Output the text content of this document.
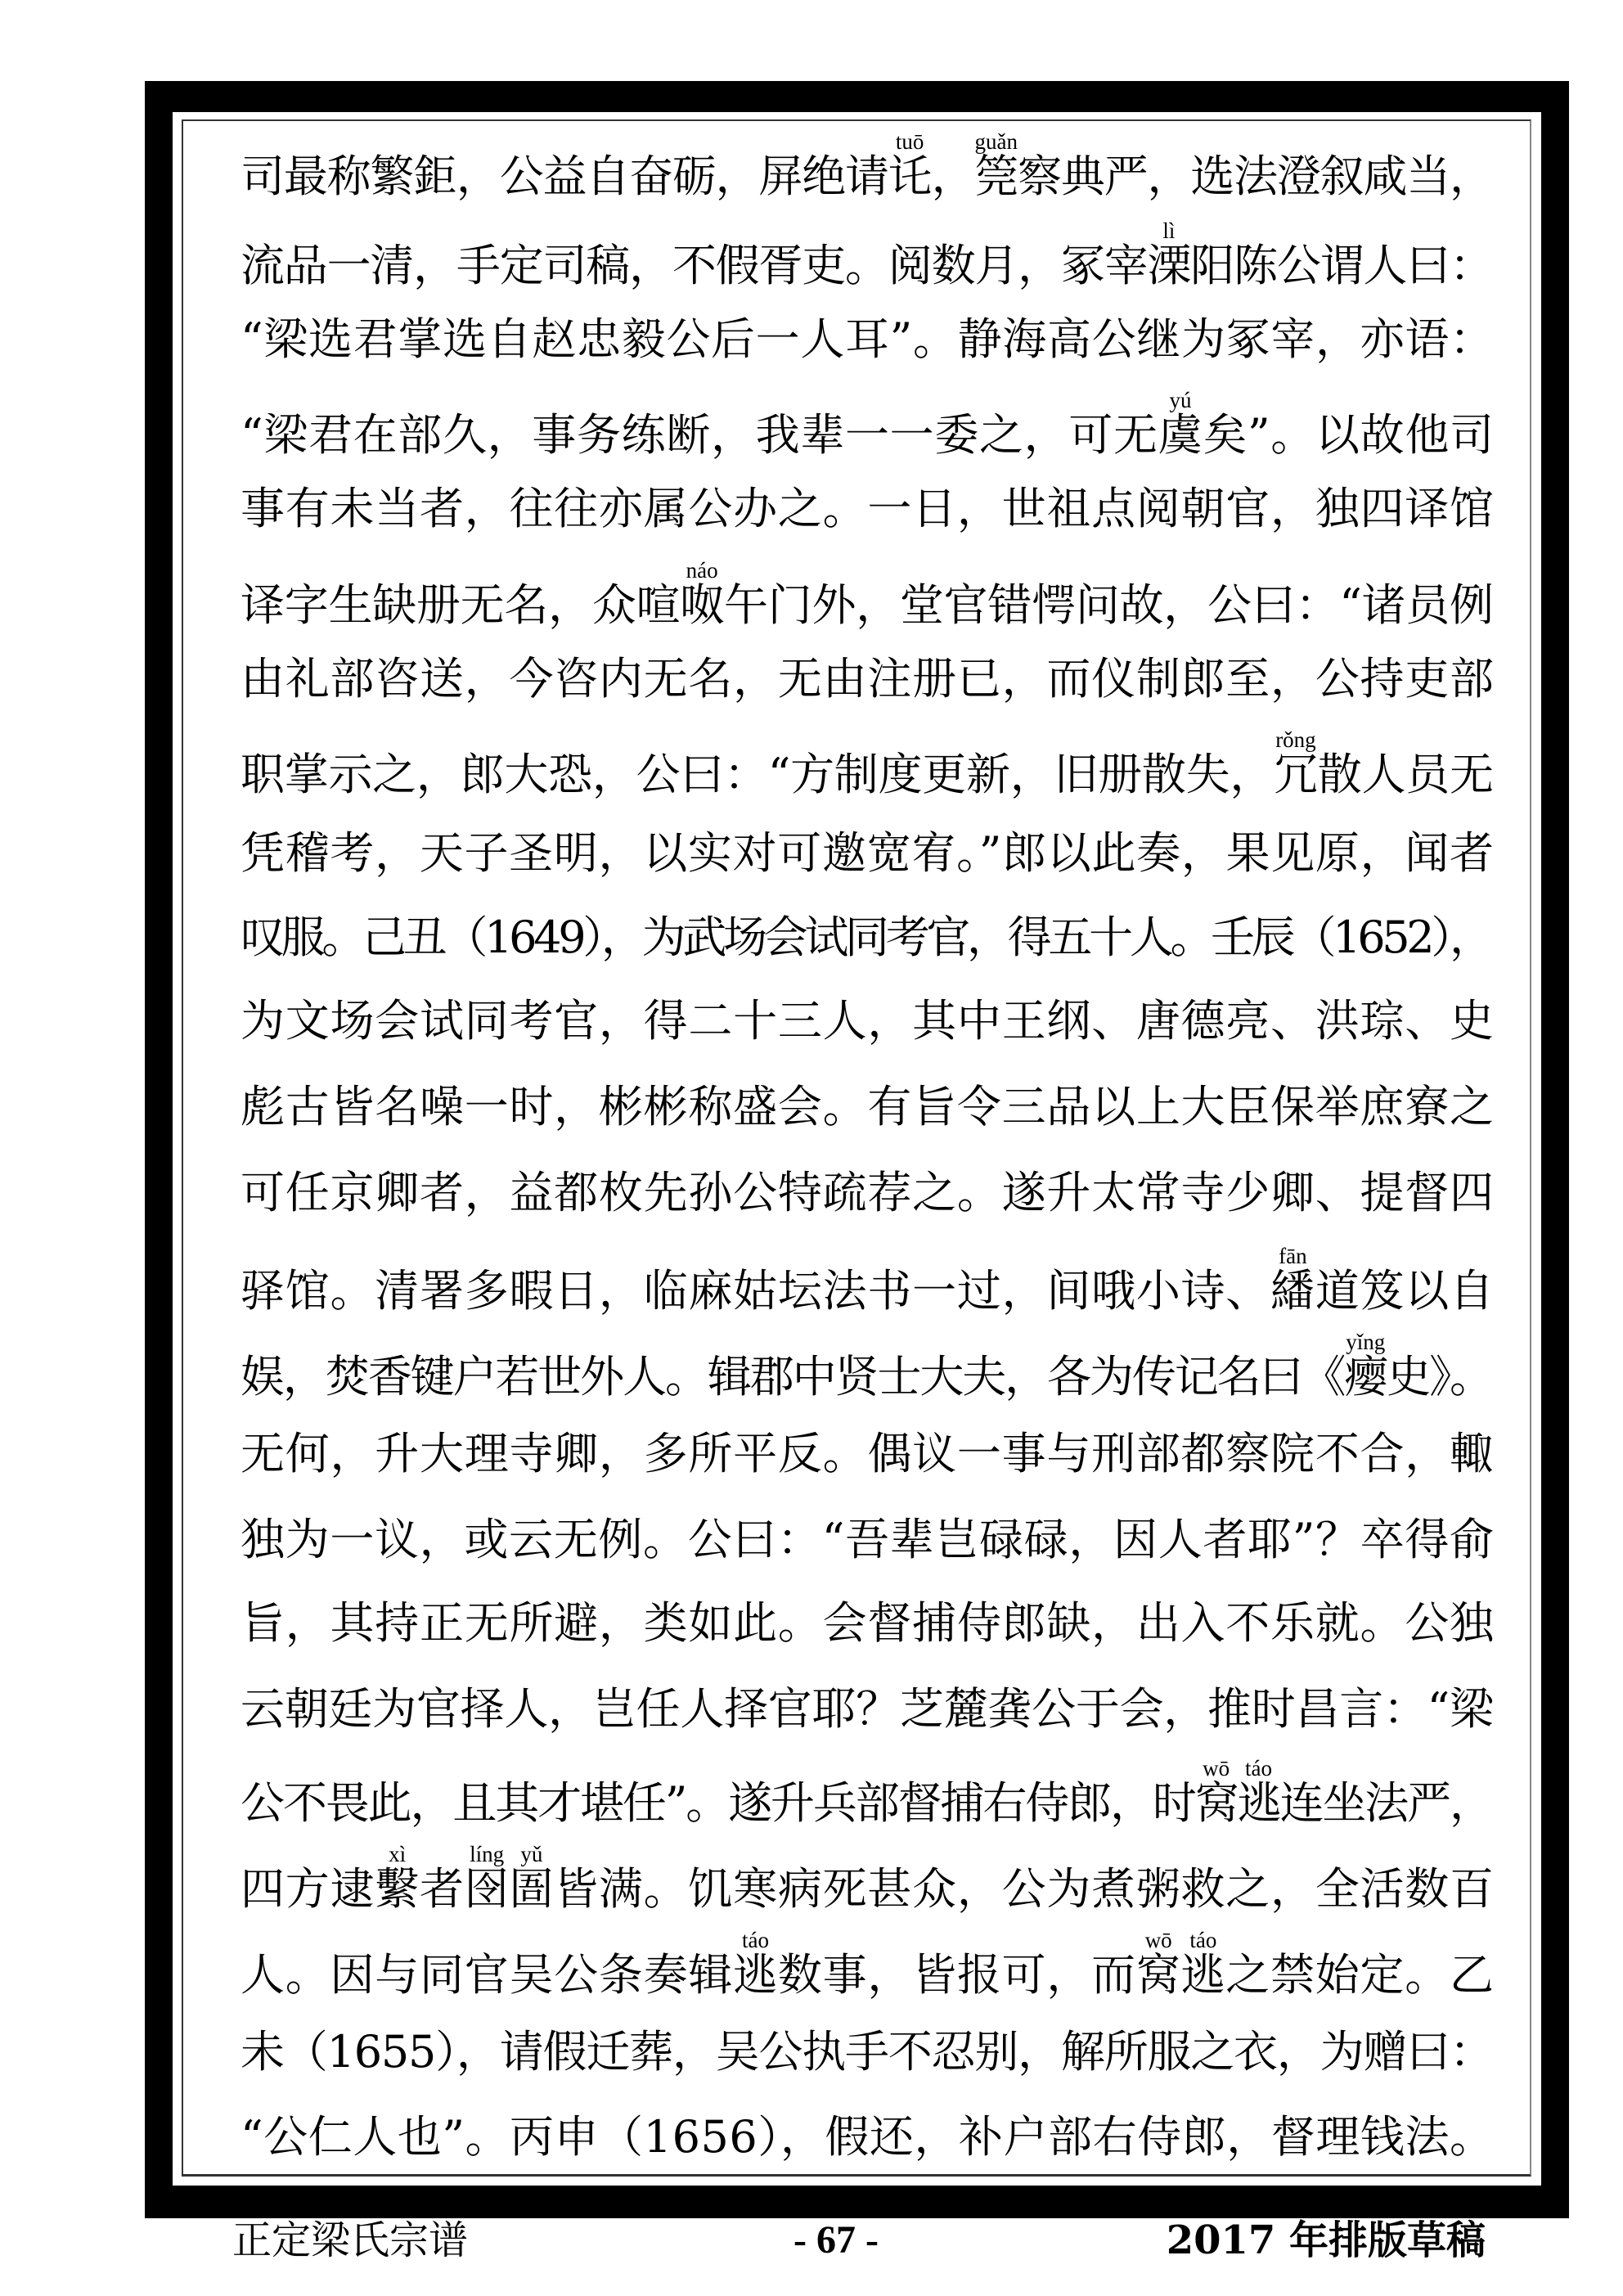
司最称繁鉅，公益自奋砺，屏绝请讬，筦察典严，选法澄叙咸当，
流品一清，手定司稿，不假胥吏。阅数月，冢宰溧阳陈公谓人曰：
“梁选君掌选自赵忠毅公后一人耳”。静海高公继为冢宰，亦语：
“梁君在部久，事务练断，我辈一一委之，可无虞矣”。以故他司
事有未当者，往往亦属公办之。一日，世祖点阅朝官，独四译馆
译字生缺册无名，众喧呶午门外，堂官错愕问故，公曰：“诸员例
由礼部咨送，今咨内无名，无由注册已，而仪制郎至，公持吏部
职掌示之，郎大恐，公曰：“方制度更新，旧册散失，冗散人员无
凭稽考，天子圣明，以实对可邀宽宥。”郎以此奏，果见原，闻者
叹服。己丑（1649），为武场会试同考官，得五十人。壬辰（1652），
为文场会试同考官，得二十三人，其中王纲、唐德亮、洪琮、史
彪古皆名噪一时，彬彬称盛会。有旨令三品以上大臣保举庶寮之
可任京卿者，益都枚先孙公特疏荐之。遂升太常寺少卿、提督四
驿馆。清署多暇日，临麻姑坛法书一过，间哦小诗、繙道笈以自
娱，焚香键户若世外人。辑郡中贤士大夫，各为传记名曰《瘿史》。
无何，升大理寺卿，多所平反。偶议一事与刑部都察院不合，輙
独为一议，或云无例。公曰：“吾辈岂碌碌，因人者耶”？卒得俞
旨，其持正无所避，类如此。会督捕侍郎缺，出入不乐就。公独
云朝廷为官择人，岂任人择官耶？芝麓龚公于会，推时昌言：“梁
公不畏此，且其才堪任”。遂升兵部督捕右侍郎，时窝逃连坐法严，
四方逮繫者囹圄皆满。饥寒病死甚众，公为煮粥救之，全活数百
人。因与同官吴公条奏辑逃数事，皆报可，而窝逃之禁始定。乙
未（1655），请假迁葬，吴公执手不忍别，解所服之衣，为赠曰：
“公仁人也”。丙申（1656），假还，补户部右侍郎，督理钱法。
tuō guǎn
lì
yú
náo
rǒng
fān
yǐng
wō táo
xì	líng yǔ
táo	wō táo
正定梁氏宗谱	- 67 -	2017 年排版草稿
